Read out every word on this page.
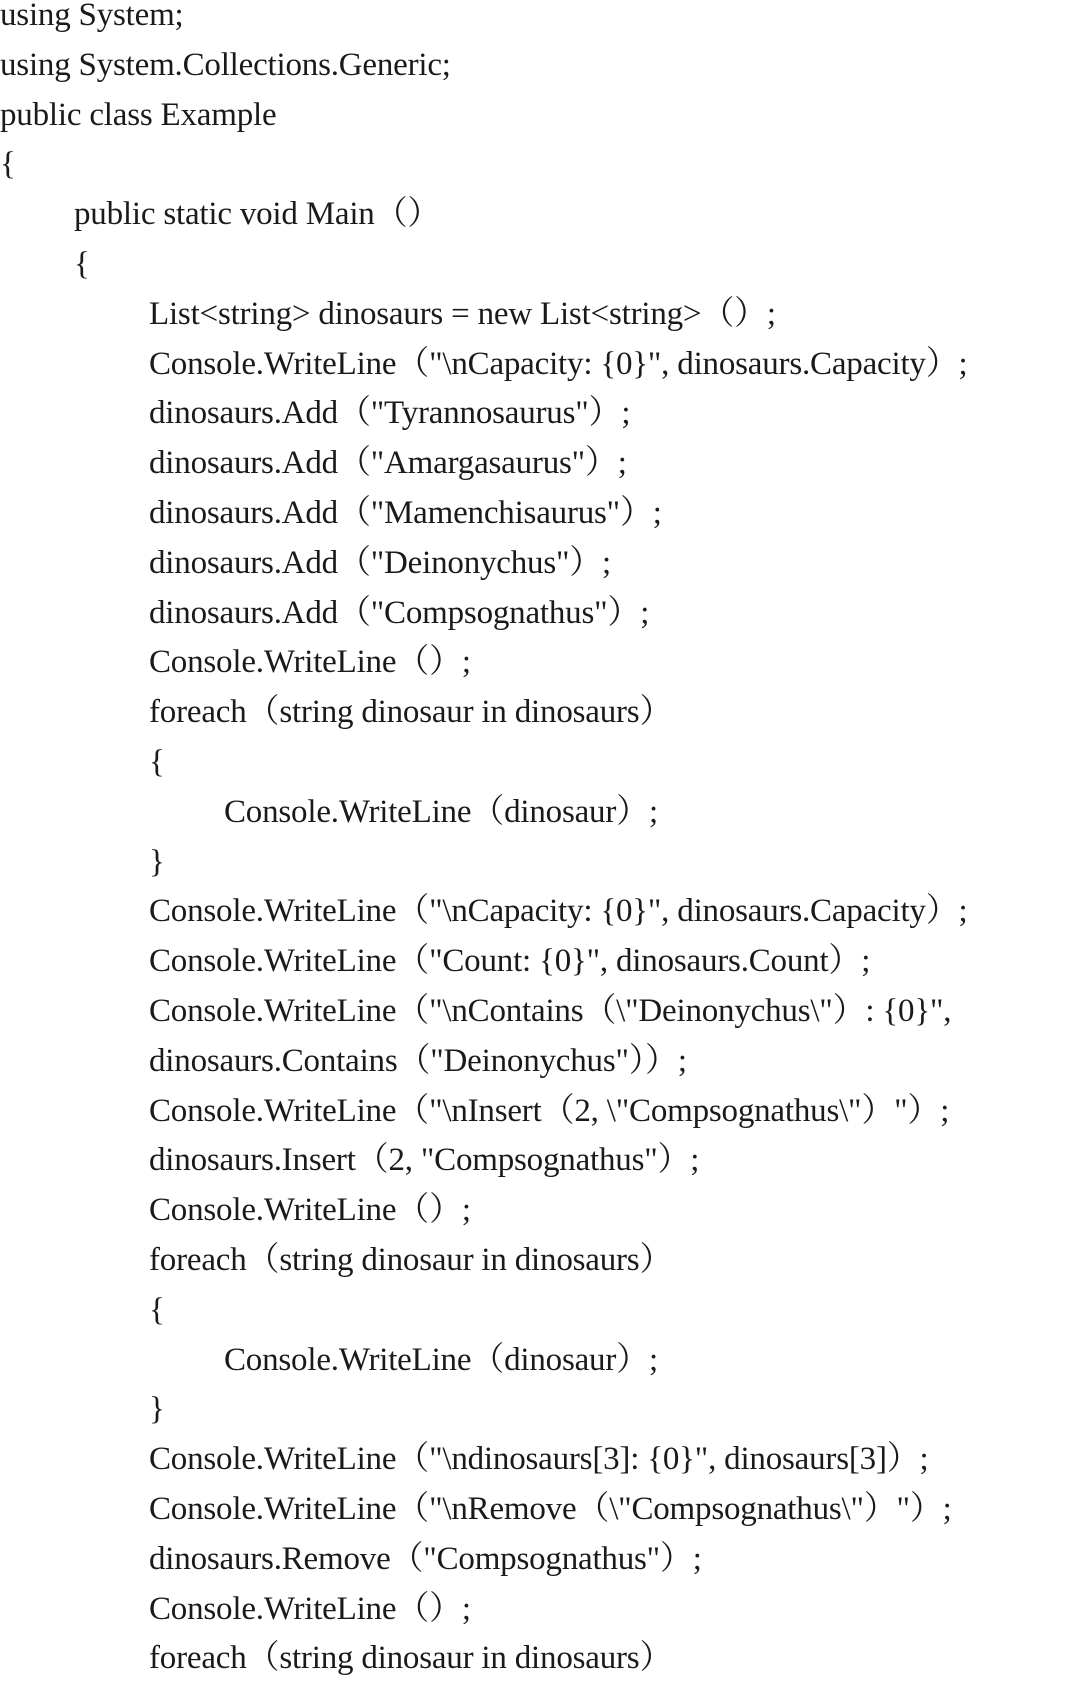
using System;
using System.Collections.Generic;
public class Example
{
public static void Main（）
{
List<string> dinosaurs = new List<string>（）;
Console.WriteLine（"\nCapacity: {0}", dinosaurs.Capacity）;
dinosaurs.Add（"Tyrannosaurus"）;
dinosaurs.Add（"Amargasaurus"）;
dinosaurs.Add（"Mamenchisaurus"）;
dinosaurs.Add（"Deinonychus"）;
dinosaurs.Add（"Compsognathus"）;
Console.WriteLine（）;
foreach（string dinosaur in dinosaurs）
{
Console.WriteLine（dinosaur）;
}
Console.WriteLine（"\nCapacity: {0}", dinosaurs.Capacity）;
Console.WriteLine（"Count: {0}", dinosaurs.Count）;
Console.WriteLine（"\nContains（\"Deinonychus\"）: {0}",
dinosaurs.Contains（"Deinonychus"））;
Console.WriteLine（"\nInsert（2, \"Compsognathus\"）"）;
dinosaurs.Insert（2, "Compsognathus"）;
Console.WriteLine（）;
foreach（string dinosaur in dinosaurs）
{
Console.WriteLine（dinosaur）;
}
Console.WriteLine（"\ndinosaurs[3]: {0}", dinosaurs[3]）;
Console.WriteLine（"\nRemove（\"Compsognathus\"）"）;
dinosaurs.Remove（"Compsognathus"）;
Console.WriteLine（）;
foreach（string dinosaur in dinosaurs）
